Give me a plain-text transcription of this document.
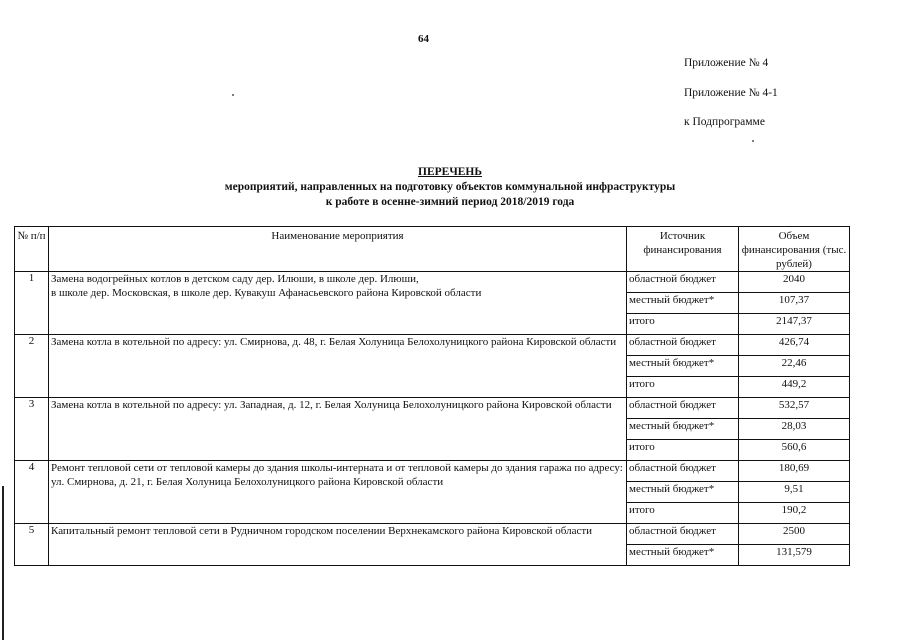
64
Приложение № 4
Приложение № 4-1
к Подпрограмме
ПЕРЕЧЕНЬ
мероприятий, направленных на подготовку объектов коммунальной инфраструктуры
к работе в осенне-зимний период 2018/2019 года
№ п/п	Наименование мероприятия	Источник финансирования	Объем финансирования (тыс. рублей)
1	Замена водогрейных котлов в детском саду дер. Илюши, в школе дер. Илюши,
в школе дер. Московская, в школе дер. Кувакуш Афанасьевского района Кировской области	областной бюджет	2040
		местный бюджет*	107,37
		итого	2147,37
2	Замена котла в котельной по адресу: ул. Смирнова, д. 48, г. Белая Холуница Белохолуницкого района Кировской области	областной бюджет	426,74
		местный бюджет*	22,46
		итого	449,2
3	Замена котла в котельной по адресу: ул. Западная, д. 12, г. Белая Холуница Белохолуницкого района Кировской области	областной бюджет	532,57
		местный бюджет*	28,03
		итого	560,6
4	Ремонт тепловой сети от тепловой камеры до здания школы-интерната и от тепловой камеры до здания гаража по адресу: ул. Смирнова, д. 21, г. Белая Холуница Белохолуницкого района Кировской области	областной бюджет	180,69
		местный бюджет*	9,51
		итого	190,2
5	Капитальный ремонт тепловой сети в Рудничном городском поселении Верхнекамского района Кировской области	областной бюджет	2500
		местный бюджет*	131,579
